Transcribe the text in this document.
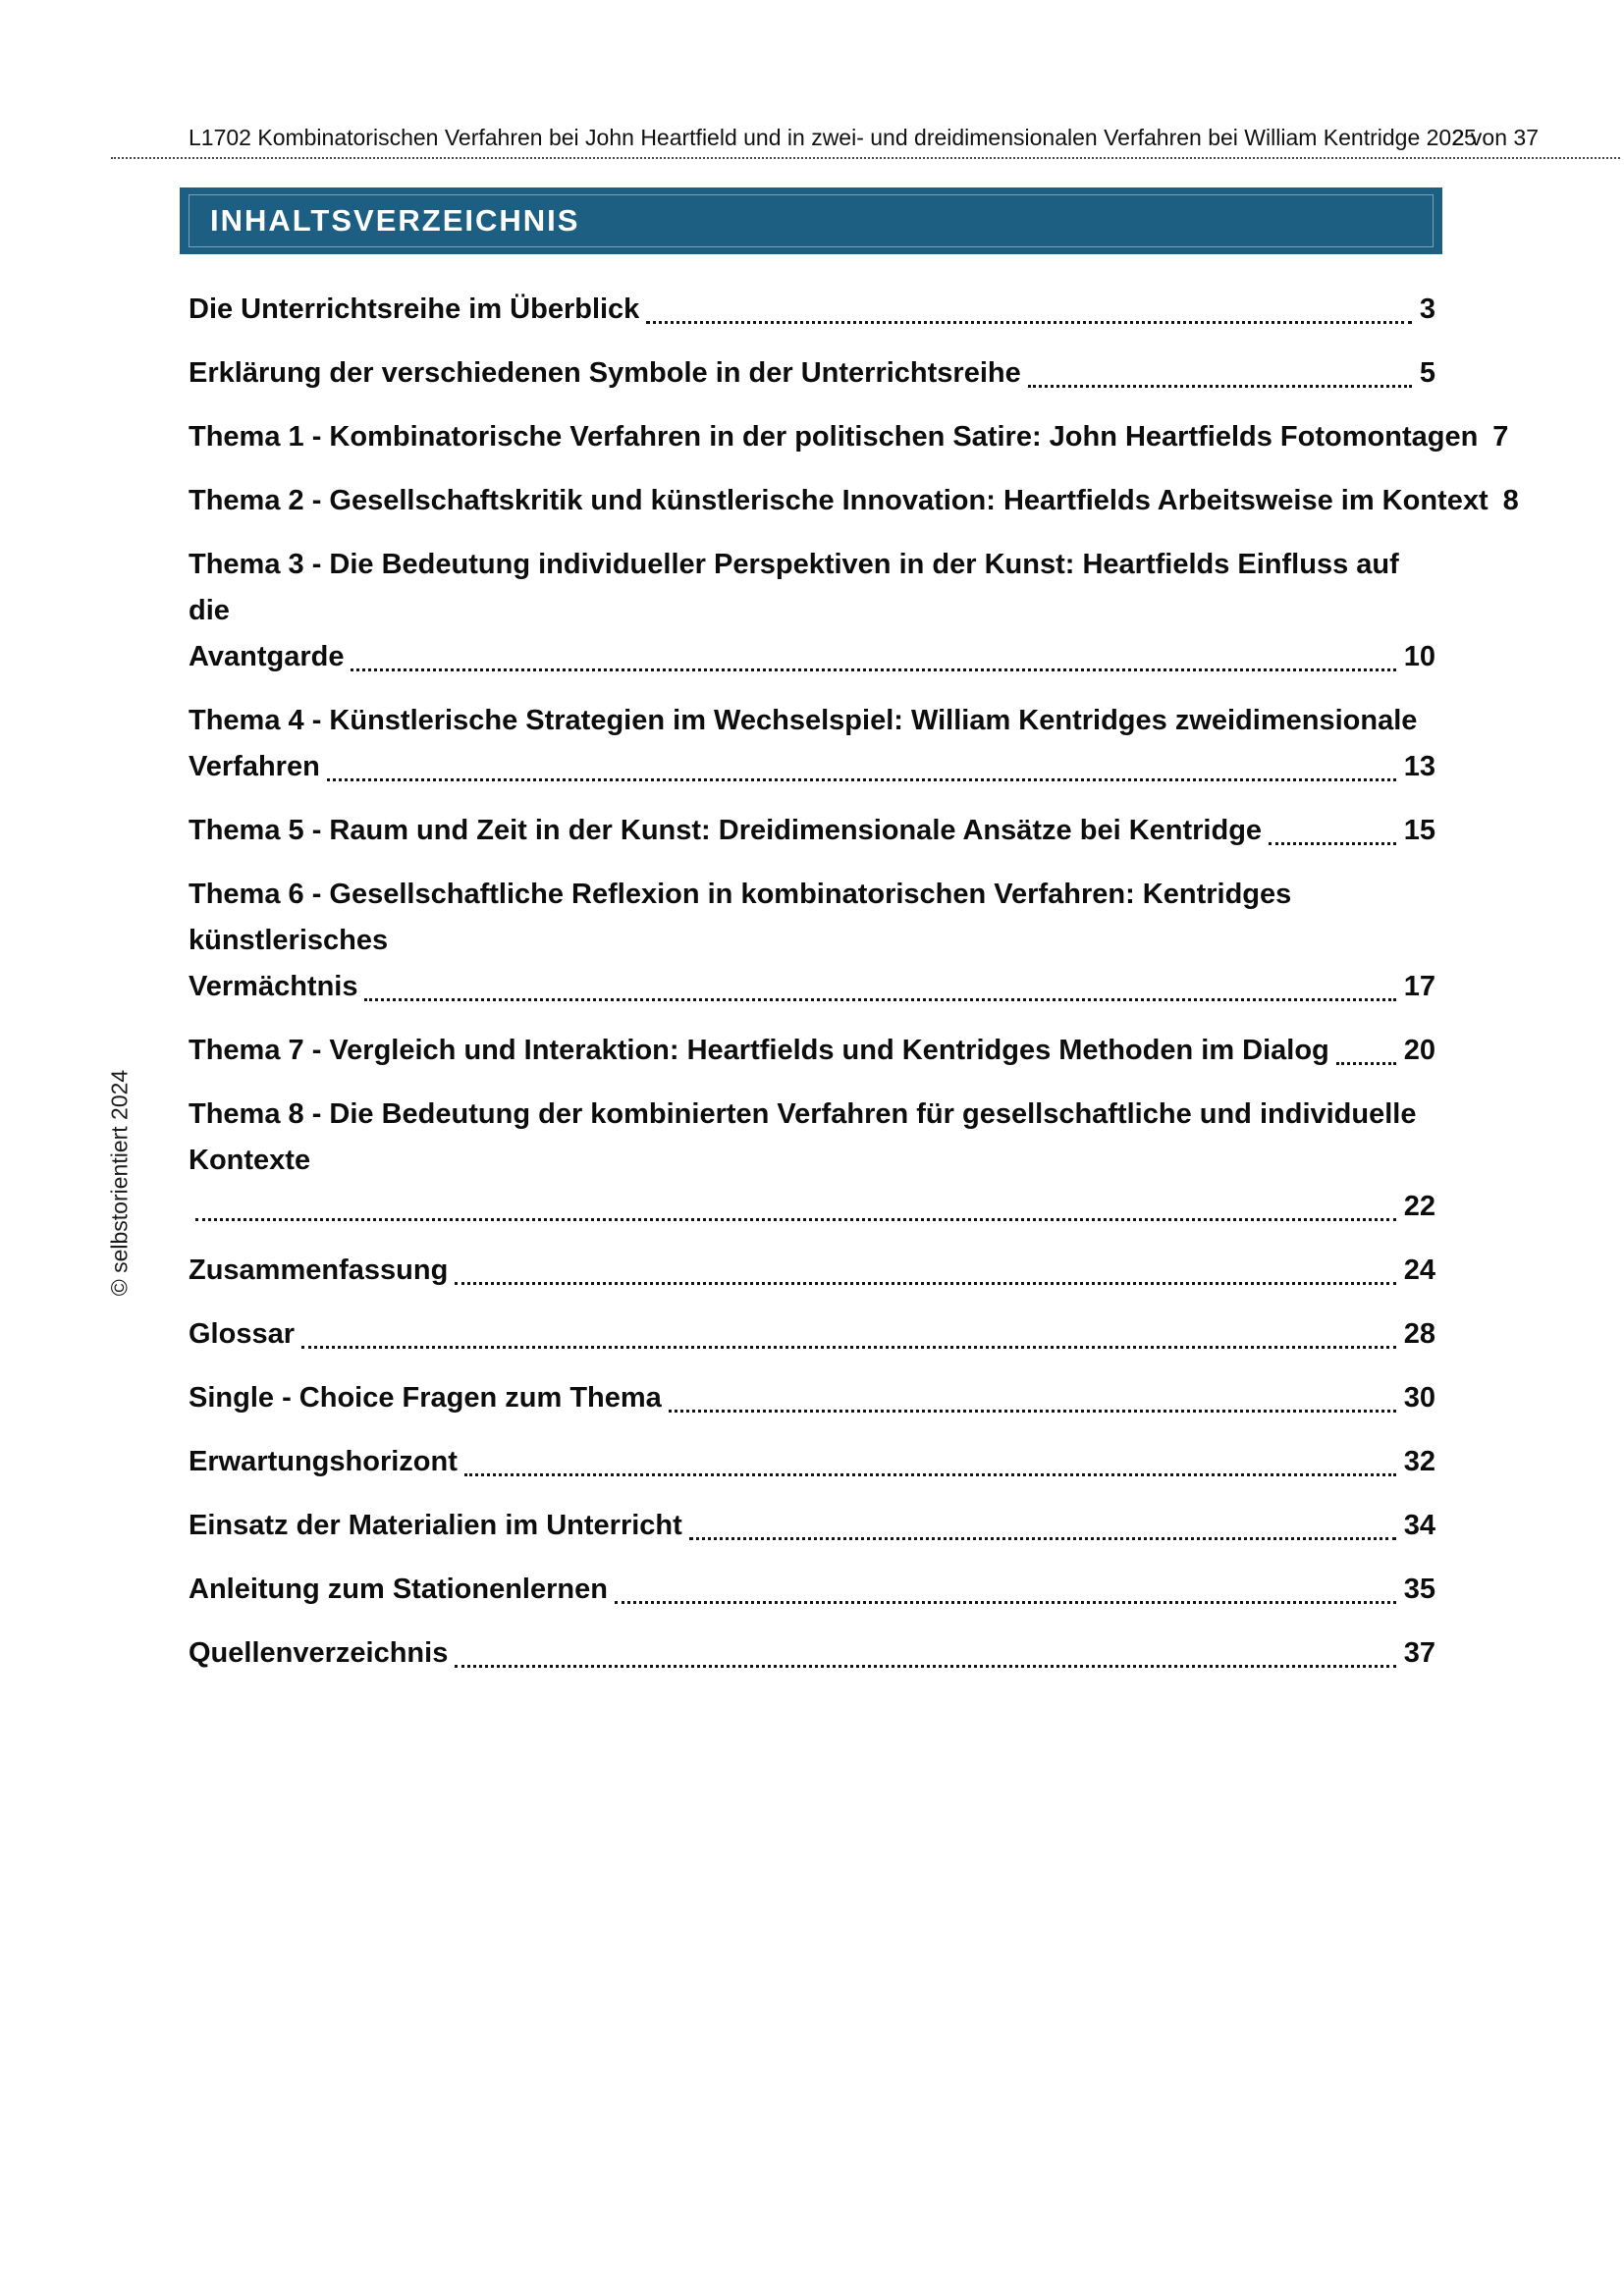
L1702 Kombinatorischen Verfahren bei John Heartfield und in zwei- und dreidimensionalen Verfahren bei William Kentridge 2025
2 von 37
INHALTSVERZEICHNIS
Die Unterrichtsreihe im Überblick	3
Erklärung der verschiedenen Symbole in der Unterrichtsreihe	5
Thema 1 - Kombinatorische Verfahren in der politischen Satire: John Heartfields Fotomontagen 7
Thema 2 - Gesellschaftskritik und künstlerische Innovation: Heartfields Arbeitsweise im Kontext 8
Thema 3 - Die Bedeutung individueller Perspektiven in der Kunst: Heartfields Einfluss auf die
Avantgarde	10
Thema 4 - Künstlerische Strategien im Wechselspiel: William Kentridges zweidimensionale
Verfahren	13
Thema 5 - Raum und Zeit in der Kunst: Dreidimensionale Ansätze bei Kentridge	15
Thema 6 - Gesellschaftliche Reflexion in kombinatorischen Verfahren: Kentridges künstlerisches
Vermächtnis	17
Thema 7 - Vergleich und Interaktion: Heartfields und Kentridges Methoden im Dialog	20
Thema 8 - Die Bedeutung der kombinierten Verfahren für gesellschaftliche und individuelle Kontexte
22
Zusammenfassung	24
Glossar	28
Single - Choice Fragen zum Thema	30
Erwartungshorizont	32
Einsatz der Materialien im Unterricht	34
Anleitung zum Stationenlernen	35
Quellenverzeichnis	37
© selbstorientiert 2024
